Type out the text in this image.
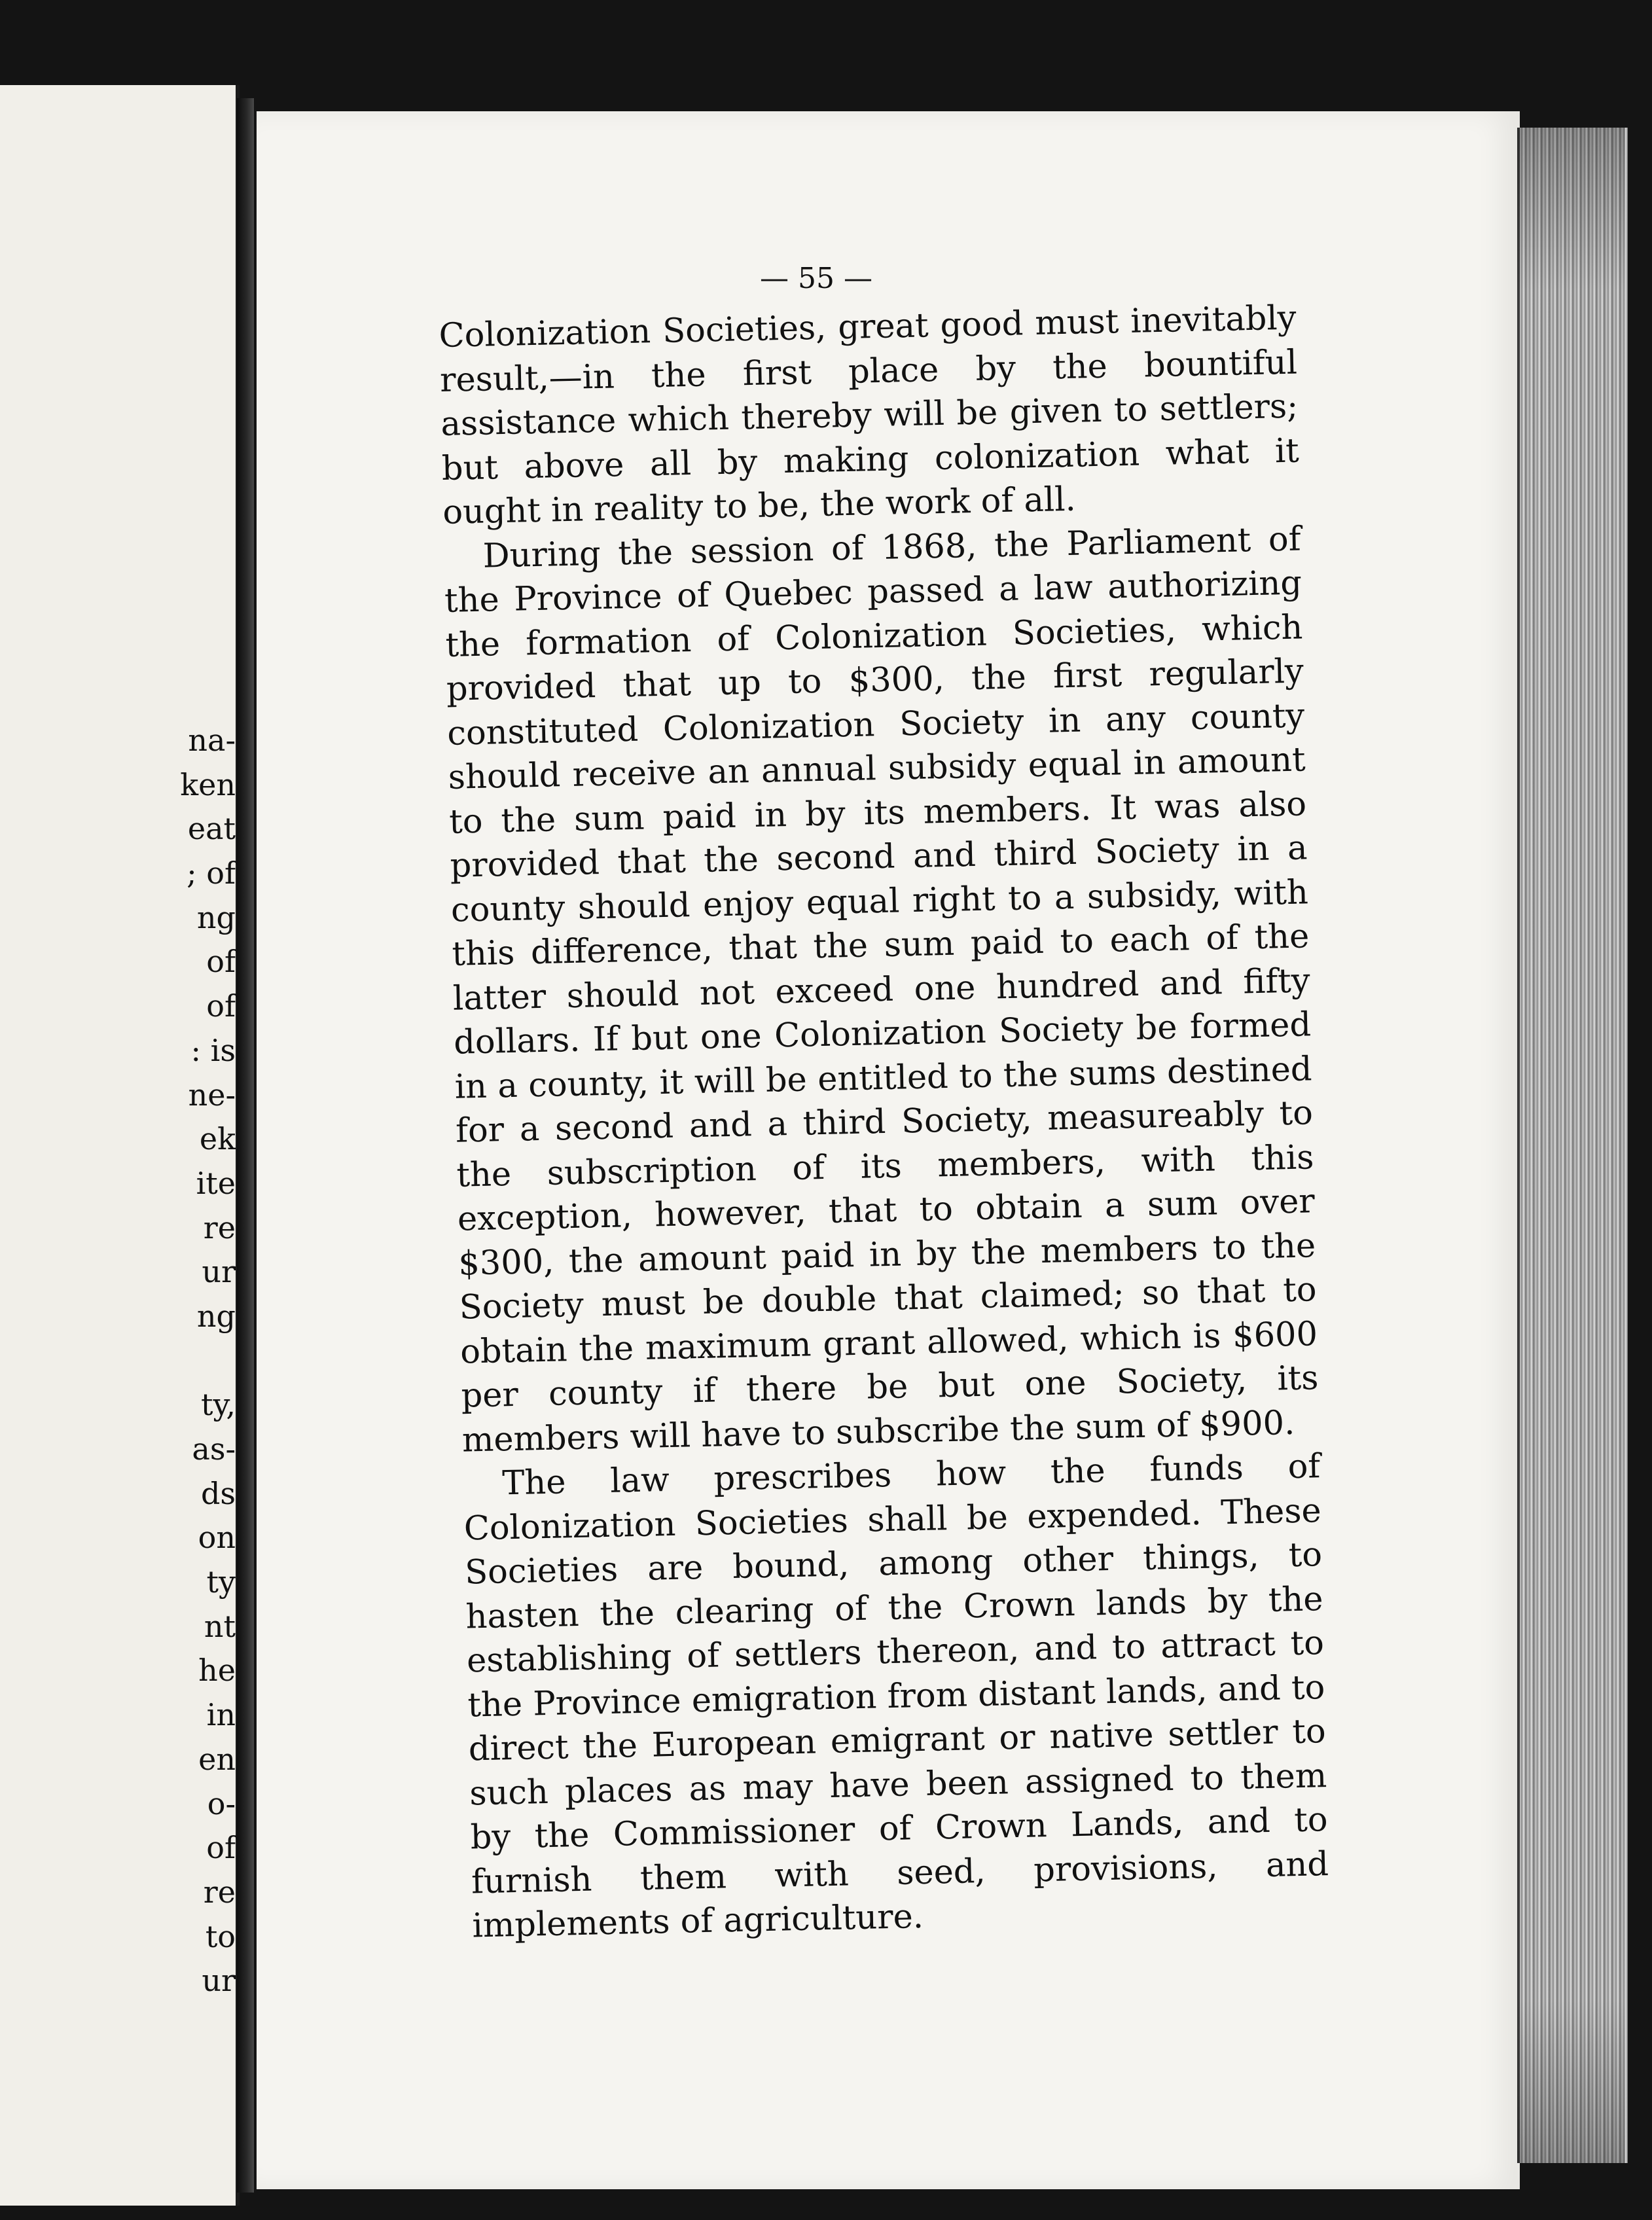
na-
ken
eat
; of
ng
of
of
: is
ne-
ek
ite
re
ur
ng
ty,
as-
ds
on
ty
nt
he
in
en
o-
of
re
to
ur
— 55 —

Colonization Societies, great good must inevitably result,—in the first place by the bountiful assistance which thereby will be given to settlers; but above all by making colonization what it ought in reality to be, the work of all.

During the session of 1868, the Parliament of the Province of Quebec passed a law authorizing the formation of Colonization Societies, which provided that up to $300, the first regularly constituted Colonization Society in any county should receive an annual subsidy equal in amount to the sum paid in by its members. It was also provided that the second and third Society in a county should enjoy equal right to a subsidy, with this difference, that the sum paid to each of the latter should not exceed one hundred and fifty dollars. If but one Colonization Society be formed in a county, it will be entitled to the sums destined for a second and a third Society, measureably to the subscription of its members, with this exception, however, that to obtain a sum over $300, the amount paid in by the members to the Society must be double that claimed; so that to obtain the maximum grant allowed, which is $600 per county if there be but one Society, its members will have to subscribe the sum of $900.

The law prescribes how the funds of Colonization Societies shall be expended. These Societies are bound, among other things, to hasten the clearing of the Crown lands by the establishing of settlers thereon, and to attract to the Province emigration from distant lands, and to direct the European emigrant or native settler to such places as may have been assigned to them by the Commissioner of Crown Lands, and to furnish them with seed, provisions, and implements of agriculture.
